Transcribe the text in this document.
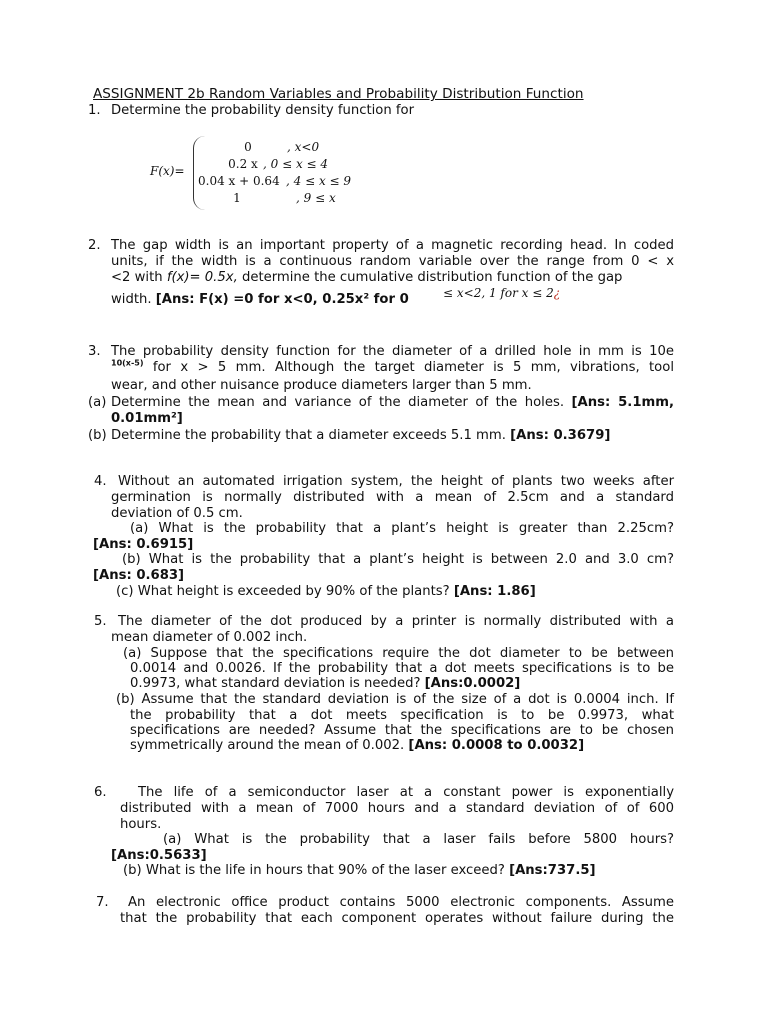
ASSIGNMENT 2b Random Variables and Probability Distribution Function
1. Determine the probability density function for
F(x)=
0	, x<0
0.2 x , 0 ≤ x ≤ 4
0.04 x + 0.64 , 4 ≤ x ≤ 9
1	, 9 ≤ x
2. The gap width is an important property of a magnetic recording head. In coded
units, if the width is a continuous random variable over the range from 0 < x
<2 with f(x)= 0.5x, determine the cumulative distribution function of the gap
width. [Ans: F(x) =0 for x<0, 0.25x² for 0	≤ x<2, 1 for x ≤ 2¿
3. The probability density function for the diameter of a drilled hole in mm is 10e
$^{10(x-5)}$ for x > 5 mm. Although the target diameter is 5 mm, vibrations, tool
wear, and other nuisance produce diameters larger than 5 mm.
(a) Determine the mean and variance of the diameter of the holes. [Ans: 5.1mm,
0.01mm²]
(b) Determine the probability that a diameter exceeds 5.1 mm. [Ans: 0.3679]
4. Without an automated irrigation system, the height of plants two weeks after
germination is normally distributed with a mean of 2.5cm and a standard
deviation of 0.5 cm.
(a) What is the probability that a plant’s height is greater than 2.25cm?
[Ans: 0.6915]
(b) What is the probability that a plant’s height is between 2.0 and 3.0 cm?
[Ans: 0.683]
(c) What height is exceeded by 90% of the plants? [Ans: 1.86]
5. The diameter of the dot produced by a printer is normally distributed with a
mean diameter of 0.002 inch.
(a) Suppose that the specifications require the dot diameter to be between
0.0014 and 0.0026. If the probability that a dot meets specifications is to be
0.9973, what standard deviation is needed? [Ans:0.0002]
(b) Assume that the standard deviation is of the size of a dot is 0.0004 inch. If
the probability that a dot meets specification is to be 0.9973, what
specifications are needed? Assume that the specifications are to be chosen
symmetrically around the mean of 0.002. [Ans: 0.0008 to 0.0032]
6. The life of a semiconductor laser at a constant power is exponentially
distributed with a mean of 7000 hours and a standard deviation of of 600
hours.
(a) What is the probability that a laser fails before 5800 hours?
[Ans:0.5633]
(b) What is the life in hours that 90% of the laser exceed? [Ans:737.5]
7. An electronic office product contains 5000 electronic components. Assume
that the probability that each component operates without failure during the
